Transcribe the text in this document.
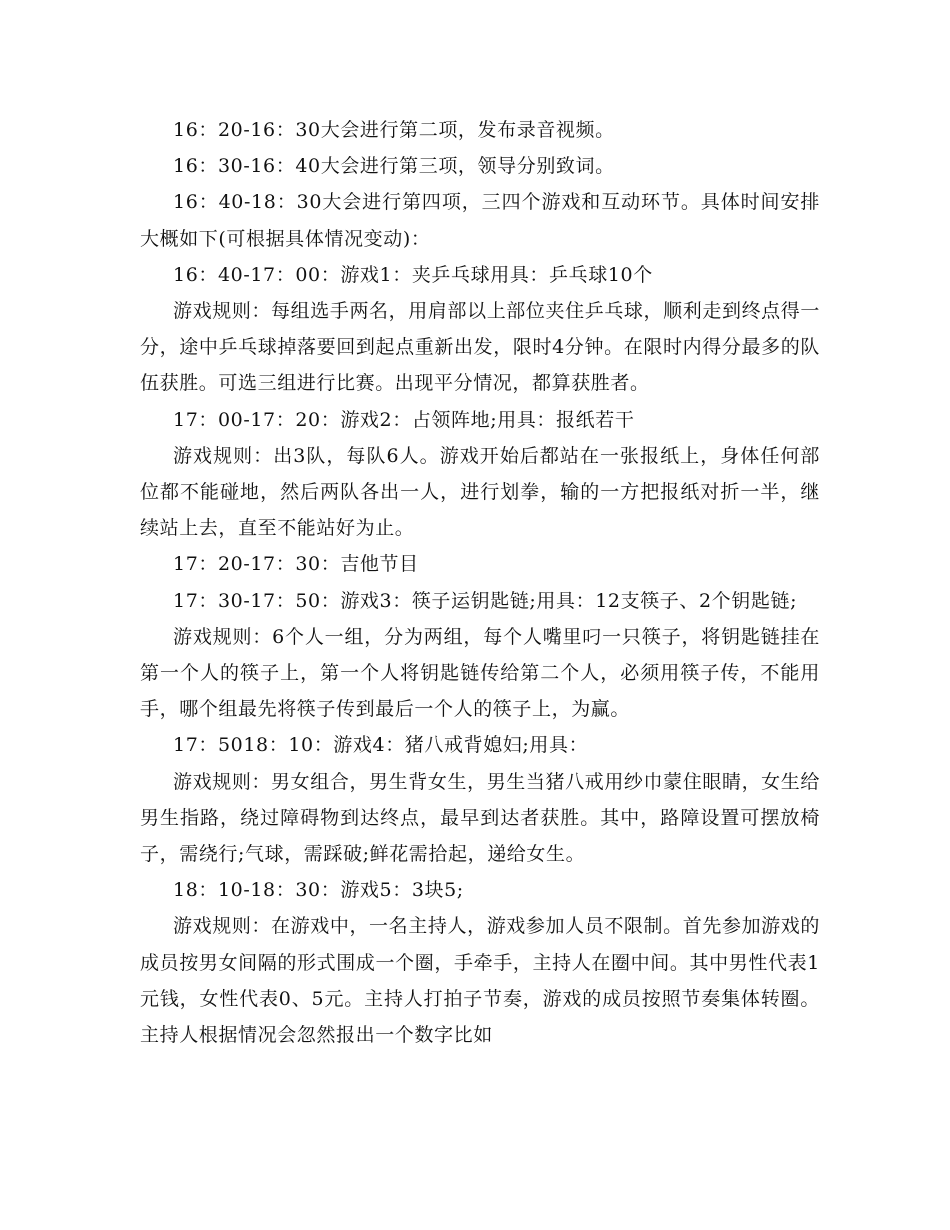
16：20-16：30大会进行第二项，发布录音视频。

16：30-16：40大会进行第三项，领导分别致词。

16：40-18：30大会进行第四项，三四个游戏和互动环节。具体时间安排大概如下(可根据具体情况变动)：

16：40-17：00：游戏1：夹乒乓球用具：乒乓球10个

游戏规则：每组选手两名，用肩部以上部位夹住乒乓球，顺利走到终点得一分，途中乒乓球掉落要回到起点重新出发，限时4分钟。在限时内得分最多的队伍获胜。可选三组进行比赛。出现平分情况，都算获胜者。

17：00-17：20：游戏2：占领阵地;用具：报纸若干

游戏规则：出3队，每队6人。游戏开始后都站在一张报纸上，身体任何部位都不能碰地，然后两队各出一人，进行划拳，输的一方把报纸对折一半，继续站上去，直至不能站好为止。

17：20-17：30：吉他节目

17：30-17：50：游戏3：筷子运钥匙链;用具：12支筷子、2个钥匙链;

游戏规则：6个人一组，分为两组，每个人嘴里叼一只筷子，将钥匙链挂在第一个人的筷子上，第一个人将钥匙链传给第二个人，必须用筷子传，不能用手，哪个组最先将筷子传到最后一个人的筷子上，为赢。

17：5018：10：游戏4：猪八戒背媳妇;用具：

游戏规则：男女组合，男生背女生，男生当猪八戒用纱巾蒙住眼睛，女生给男生指路，绕过障碍物到达终点，最早到达者获胜。其中，路障设置可摆放椅子，需绕行;气球，需踩破;鲜花需拾起，递给女生。

18：10-18：30：游戏5：3块5;

游戏规则：在游戏中，一名主持人，游戏参加人员不限制。首先参加游戏的成员按男女间隔的形式围成一个圈，手牵手，主持人在圈中间。其中男性代表1元钱，女性代表0、5元。主持人打拍子节奏，游戏的成员按照节奏集体转圈。主持人根据情况会忽然报出一个数字比如
